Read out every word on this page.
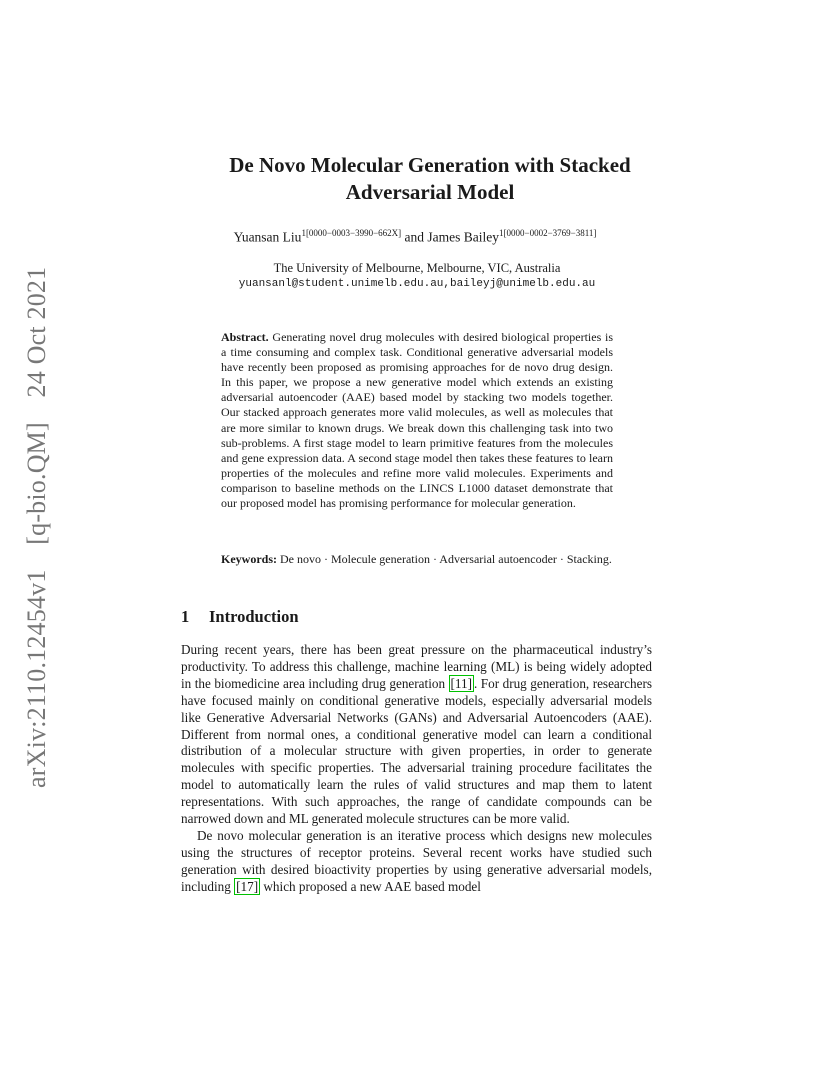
arXiv:2110.12454v1 [q-bio.QM] 24 Oct 2021
De Novo Molecular Generation with Stacked
Adversarial Model
Yuansan Liu$^{1[0000-0003-3990-662X]}$ and James Bailey$^{1[0000-0002-3769-3811]}$
The University of Melbourne, Melbourne, VIC, Australia
yuansanl@student.unimelb.edu.au,baileyj@unimelb.edu.au
Abstract. Generating novel drug molecules with desired biological properties is a time consuming and complex task. Conditional generative adversarial models have recently been proposed as promising approaches for de novo drug design. In this paper, we propose a new generative model which extends an existing adversarial autoencoder (AAE) based model by stacking two models together. Our stacked approach generates more valid molecules, as well as molecules that are more similar to known drugs. We break down this challenging task into two sub-problems. A first stage model to learn primitive features from the molecules and gene expression data. A second stage model then takes these features to learn properties of the molecules and refine more valid molecules. Experiments and comparison to baseline methods on the LINCS L1000 dataset demonstrate that our proposed model has promising performance for molecular generation.
Keywords: De novo · Molecule generation · Adversarial autoencoder · Stacking.
1 Introduction

During recent years, there has been great pressure on the pharmaceutical industry’s productivity. To address this challenge, machine learning (ML) is being widely adopted in the biomedicine area including drug generation [11] . For drug generation, researchers have focused mainly on conditional generative models, especially adversarial models like Generative Adversarial Networks (GANs) and Adversarial Autoencoders (AAE). Different from normal ones, a conditional generative model can learn a conditional distribution of a molecular structure with given properties, in order to generate molecules with specific properties. The adversarial training procedure facilitates the model to automatically learn the rules of valid structures and map them to latent representations. With such approaches, the range of candidate compounds can be narrowed down and ML generated molecule structures can be more valid.

De novo molecular generation is an iterative process which designs new molecules using the structures of receptor proteins. Several recent works have studied such generation with desired bioactivity properties by using generative adversarial models, including [17] which proposed a new AAE based model
